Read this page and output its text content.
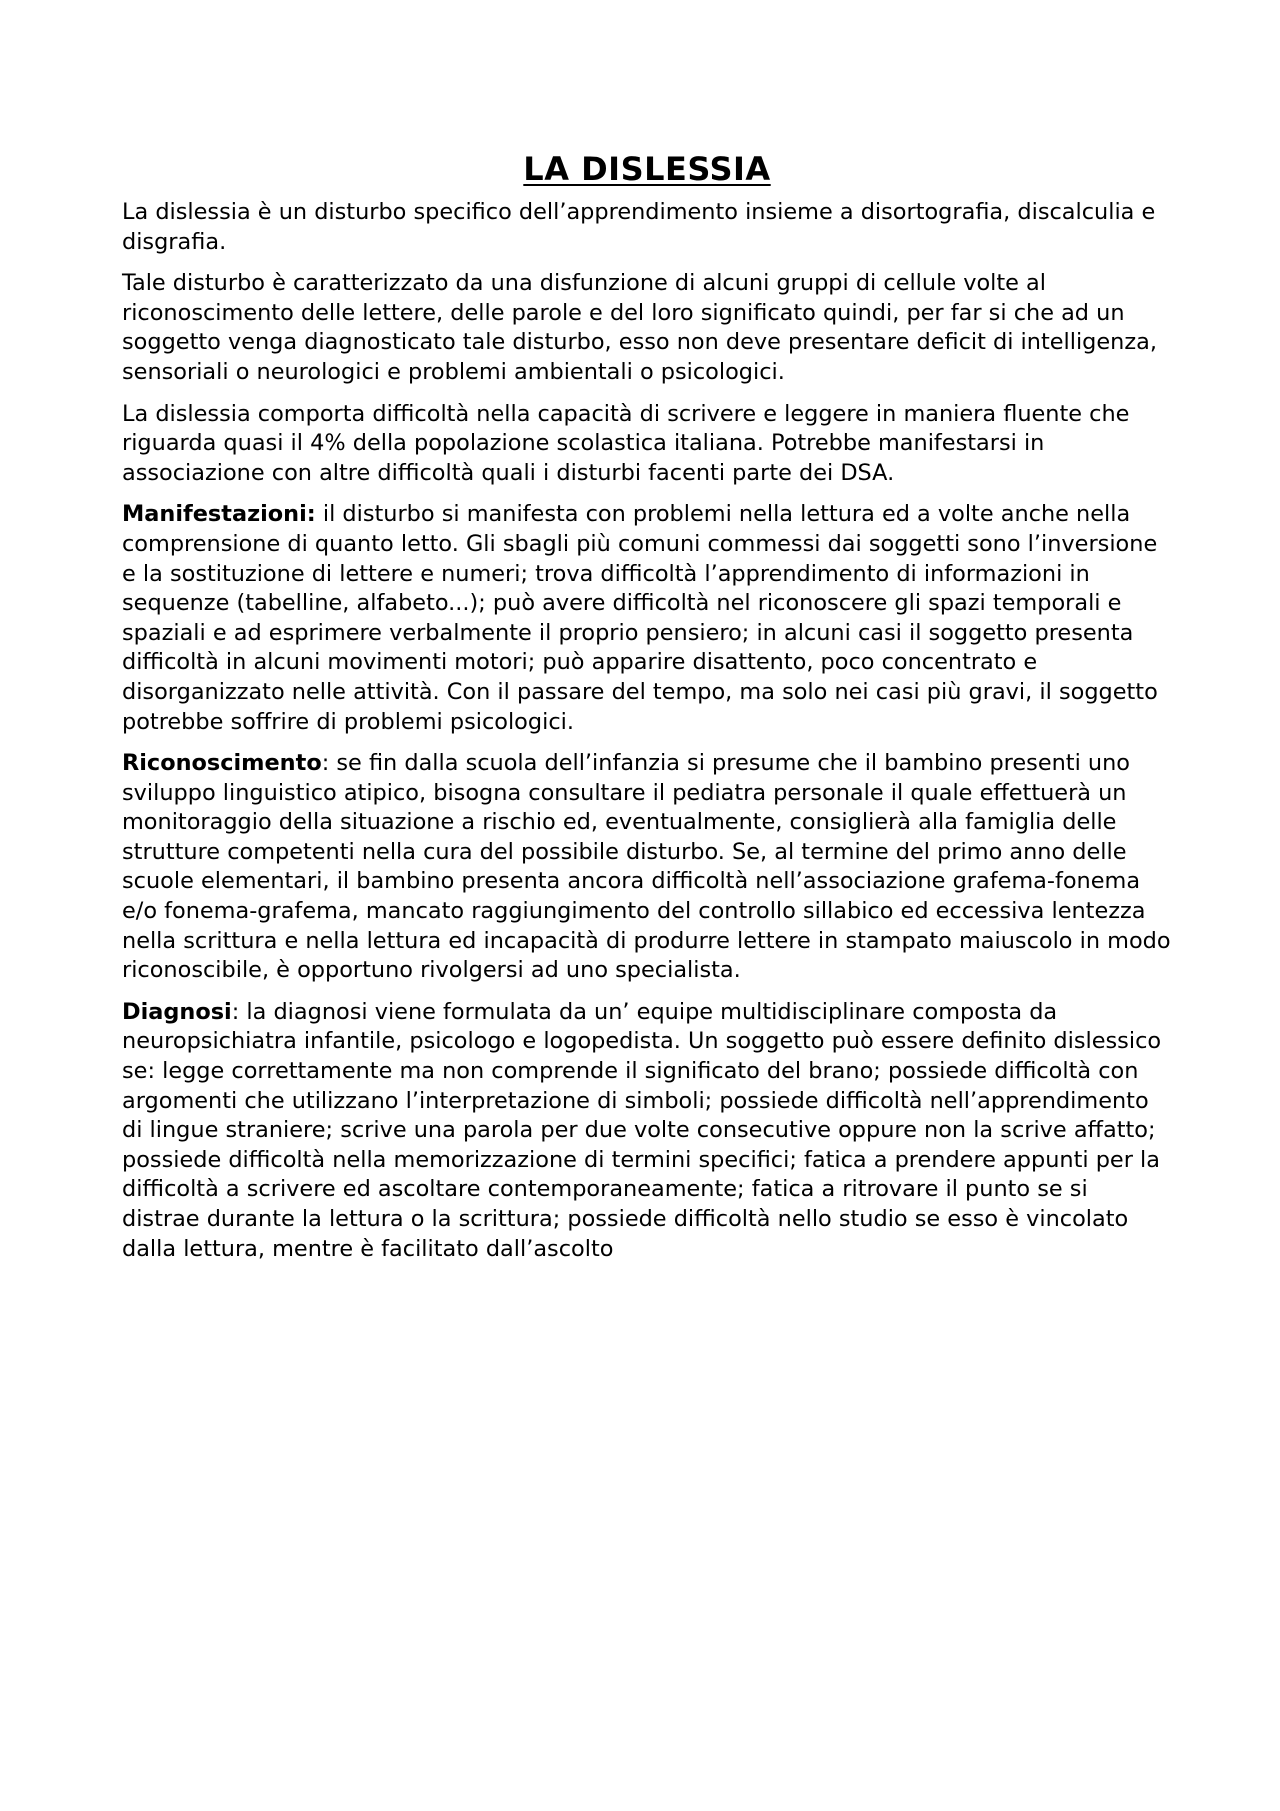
LA DISLESSIA

La dislessia è un disturbo specifico dell’apprendimento insieme a disortografia, discalculia e disgrafia.

Tale disturbo è caratterizzato da una disfunzione di alcuni gruppi di cellule volte al riconoscimento delle lettere, delle parole e del loro significato quindi, per far si che ad un soggetto venga diagnosticato tale disturbo, esso non deve presentare deficit di intelligenza, sensoriali o neurologici e problemi ambientali o psicologici.

La dislessia comporta difficoltà nella capacità di scrivere e leggere in maniera fluente che riguarda quasi il 4% della popolazione scolastica italiana. Potrebbe manifestarsi in associazione con altre difficoltà quali i disturbi facenti parte dei DSA.

Manifestazioni: il disturbo si manifesta con problemi nella lettura ed a volte anche nella comprensione di quanto letto. Gli sbagli più comuni commessi dai soggetti sono l’inversione e la sostituzione di lettere e numeri; trova difficoltà l’apprendimento di informazioni in sequenze (tabelline, alfabeto...); può avere difficoltà nel riconoscere gli spazi temporali e spaziali e ad esprimere verbalmente il proprio pensiero; in alcuni casi il soggetto presenta difficoltà in alcuni movimenti motori; può apparire disattento, poco concentrato e disorganizzato nelle attività. Con il passare del tempo, ma solo nei casi più gravi, il soggetto potrebbe soffrire di problemi psicologici.

Riconoscimento: se fin dalla scuola dell’infanzia si presume che il bambino presenti uno sviluppo linguistico atipico, bisogna consultare il pediatra personale il quale effettuerà un monitoraggio della situazione a rischio ed, eventualmente, consiglierà alla famiglia delle strutture competenti nella cura del possibile disturbo. Se, al termine del primo anno delle scuole elementari, il bambino presenta ancora difficoltà nell’associazione grafema-fonema e/o fonema-grafema, mancato raggiungimento del controllo sillabico ed eccessiva lentezza nella scrittura e nella lettura ed incapacità di produrre lettere in stampato maiuscolo in modo riconoscibile, è opportuno rivolgersi ad uno specialista.

Diagnosi: la diagnosi viene formulata da un’ equipe multidisciplinare composta da neuropsichiatra infantile, psicologo e logopedista. Un soggetto può essere definito dislessico se: legge correttamente ma non comprende il significato del brano; possiede difficoltà con argomenti che utilizzano l’interpretazione di simboli; possiede difficoltà nell’apprendimento di lingue straniere; scrive una parola per due volte consecutive oppure non la scrive affatto; possiede difficoltà nella memorizzazione di termini specifici; fatica a prendere appunti per la difficoltà a scrivere ed ascoltare contemporaneamente; fatica a ritrovare il punto se si distrae durante la lettura o la scrittura; possiede difficoltà nello studio se esso è vincolato dalla lettura, mentre è facilitato dall’ascolto
